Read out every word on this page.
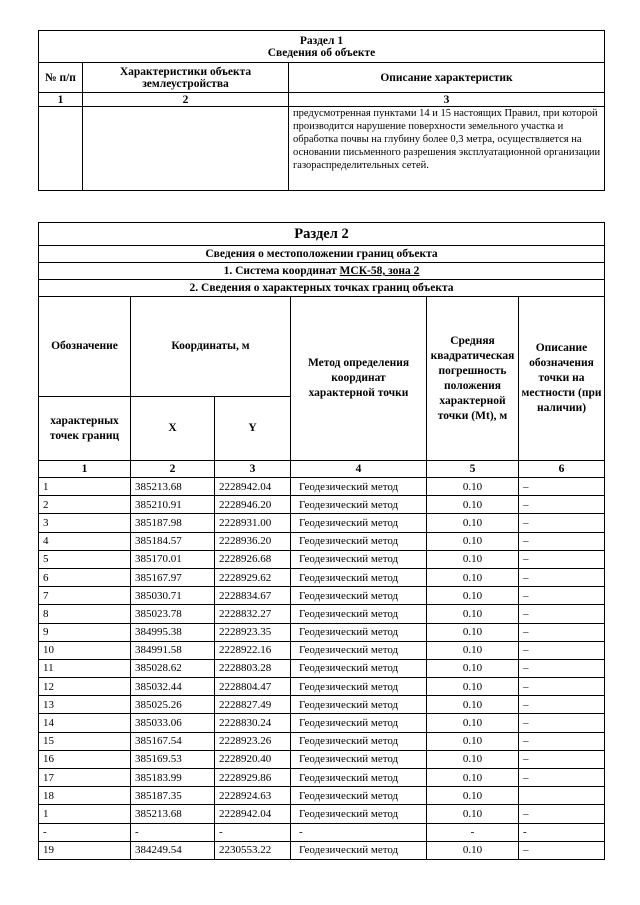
Раздел 1
Сведения об объекте		

№ п/п	Характеристики объекта землеустройства	Описание характеристик
1	2	3
		предусмотренная пунктами 14 и 15 настоящих Правил, при которой производится нарушение поверхности земельного участка и обработка почвы на глубину более 0,3 метра, осуществляется на основании письменного разрешения эксплуатационной организации газораспределительных сетей.
Раздел 2					
Сведения о местоположении границ объекта					
1. Система координат МСК-58, зона 2					
2. Сведения о характерных точках границ объекта					
Обозначение	Координаты, м		Метод определения координат характерной точки	Средняя квадратическая погрешность положения характерной точки (Mt), м	Описание обозначения точки на местности (при наличии)
характерных точек границ	X	Y			
1	2	3	4	5	6
1	385213.68	2228942.04	Геодезический метод	0.10	–
2	385210.91	2228946.20	Геодезический метод	0.10	–
3	385187.98	2228931.00	Геодезический метод	0.10	–
4	385184.57	2228936.20	Геодезический метод	0.10	–
5	385170.01	2228926.68	Геодезический метод	0.10	–
6	385167.97	2228929.62	Геодезический метод	0.10	–
7	385030.71	2228834.67	Геодезический метод	0.10	–
8	385023.78	2228832.27	Геодезический метод	0.10	–
9	384995.38	2228923.35	Геодезический метод	0.10	–
10	384991.58	2228922.16	Геодезический метод	0.10	–
11	385028.62	2228803.28	Геодезический метод	0.10	–
12	385032.44	2228804.47	Геодезический метод	0.10	–
13	385025.26	2228827.49	Геодезический метод	0.10	–
14	385033.06	2228830.24	Геодезический метод	0.10	–
15	385167.54	2228923.26	Геодезический метод	0.10	–
16	385169.53	2228920.40	Геодезический метод	0.10	–
17	385183.99	2228929.86	Геодезический метод	0.10	–
18	385187.35	2228924.63	Геодезический метод	0.10	
1	385213.68	2228942.04	Геодезический метод	0.10	–
-	-	-	-	-	-
19	384249.54	2230553.22	Геодезический метод	0.10	–
